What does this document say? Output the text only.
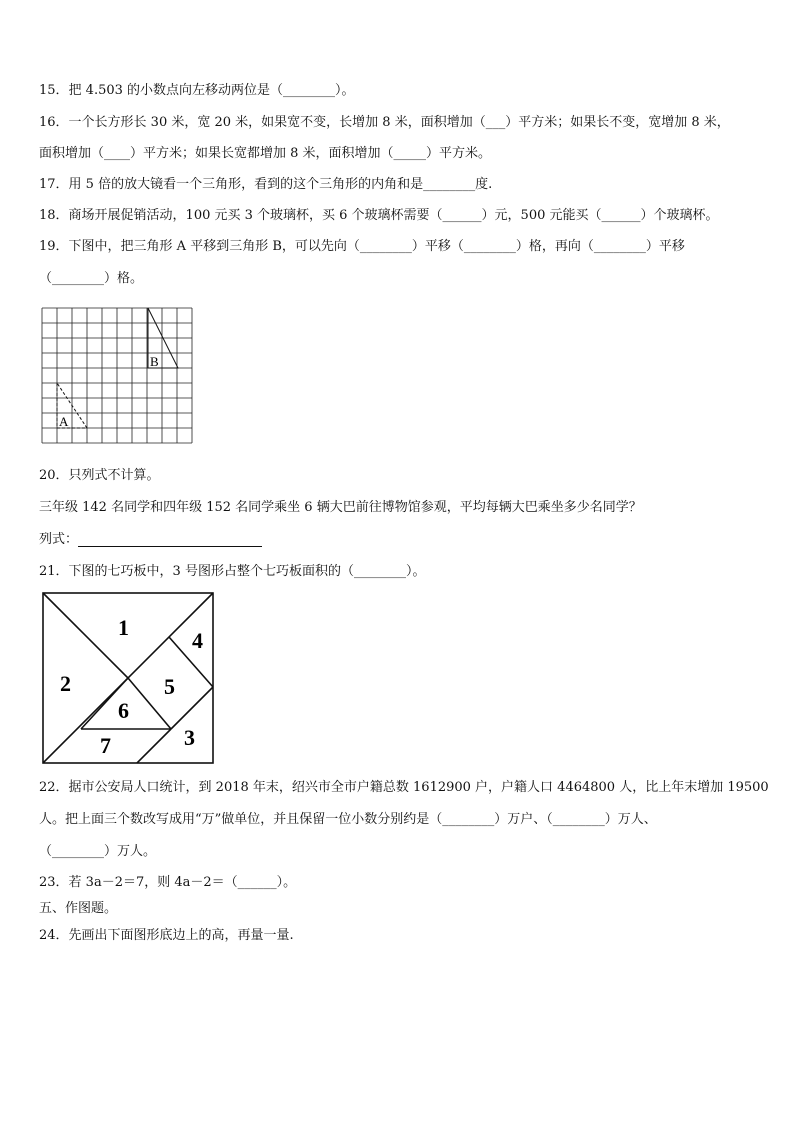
15．把 4.503 的小数点向左移动两位是（________）。
16．一个长方形长 30 米，宽 20 米，如果宽不变，长增加 8 米，面积增加（___）平方米；如果长不变，宽增加 8 米，
面积增加（____）平方米；如果长宽都增加 8 米，面积增加（_____）平方米。
17．用 5 倍的放大镜看一个三角形，看到的这个三角形的内角和是________度.
18．商场开展促销活动，100 元买 3 个玻璃杯，买 6 个玻璃杯需要（______）元，500 元能买（______）个玻璃杯。
19．下图中，把三角形 A 平移到三角形 B，可以先向（________）平移（________）格，再向（________）平移
（________）格。
B
A
20．只列式不计算。
三年级 142 名同学和四年级 152 名同学乘坐 6 辆大巴前往博物馆参观，平均每辆大巴乘坐多少名同学？
列式：
21．下图的七巧板中，3 号图形占整个七巧板面积的（________）。
1
2
4
5
6
3
7
22．据市公安局人口统计，到 2018 年末，绍兴市全市户籍总数 1612900 户，户籍人口 4464800 人，比上年末增加 19500
人。把上面三个数改写成用“万”做单位，并且保留一位小数分别约是（________）万户、（________）万人、
（________）万人。
23．若 3a－2＝7，则 4a－2＝（______）。
五、作图题。
24．先画出下面图形底边上的高，再量一量.
